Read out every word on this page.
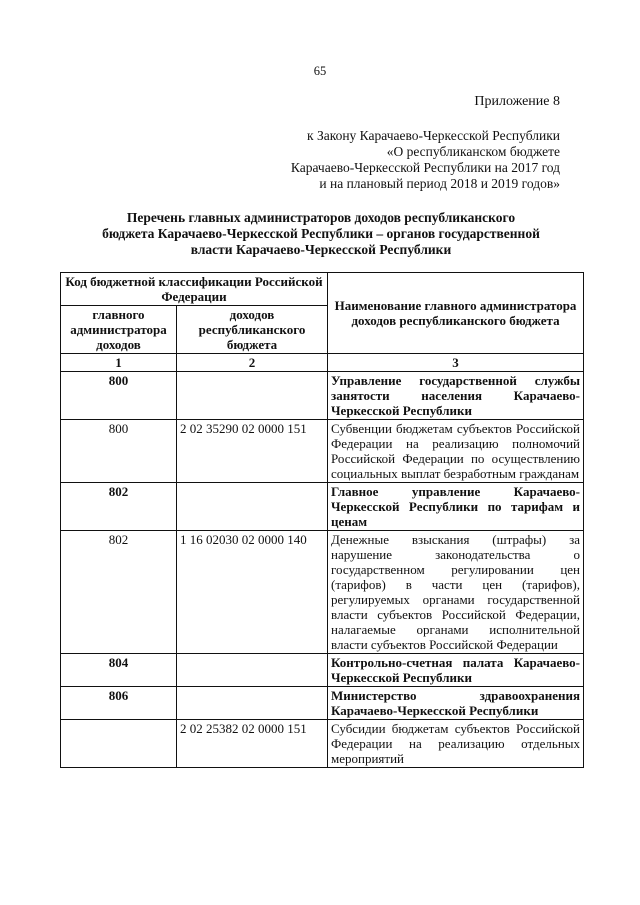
65
Приложение 8
к Закону Карачаево-Черкесской Республики
«О республиканском бюджете
Карачаево-Черкесской Республики на 2017 год
и на плановый период 2018 и 2019 годов»
Перечень главных администраторов доходов республиканского
бюджета Карачаево-Черкесской Республики – органов государственной
власти Карачаево-Черкесской Республики
Код бюджетной классификации Российской Федерации		Наименование главного администратора доходов республиканского бюджета
главного администратора доходов	доходов республиканского бюджета	
1	2	3
800		Управление государственной службы занятости населения Карачаево-Черкесской Республики
800	2 02 35290 02 0000 151	Субвенции бюджетам субъектов Российской Федерации на реализацию полномочий Российской Федерации по осуществлению социальных выплат безработным гражданам
802		Главное управление Карачаево-Черкесской Республики по тарифам и ценам
802	1 16 02030 02 0000 140	Денежные взыскания (штрафы) за нарушение законодательства о государственном регулировании цен (тарифов) в части цен (тарифов), регулируемых органами государственной власти субъектов Российской Федерации, налагаемые органами исполнительной власти субъектов Российской Федерации
804		Контрольно-счетная палата Карачаево-Черкесской Республики
806		Министерство здравоохранения Карачаево-Черкесской Республики
	2 02 25382 02 0000 151	Субсидии бюджетам субъектов Российской Федерации на реализацию отдельных мероприятий
